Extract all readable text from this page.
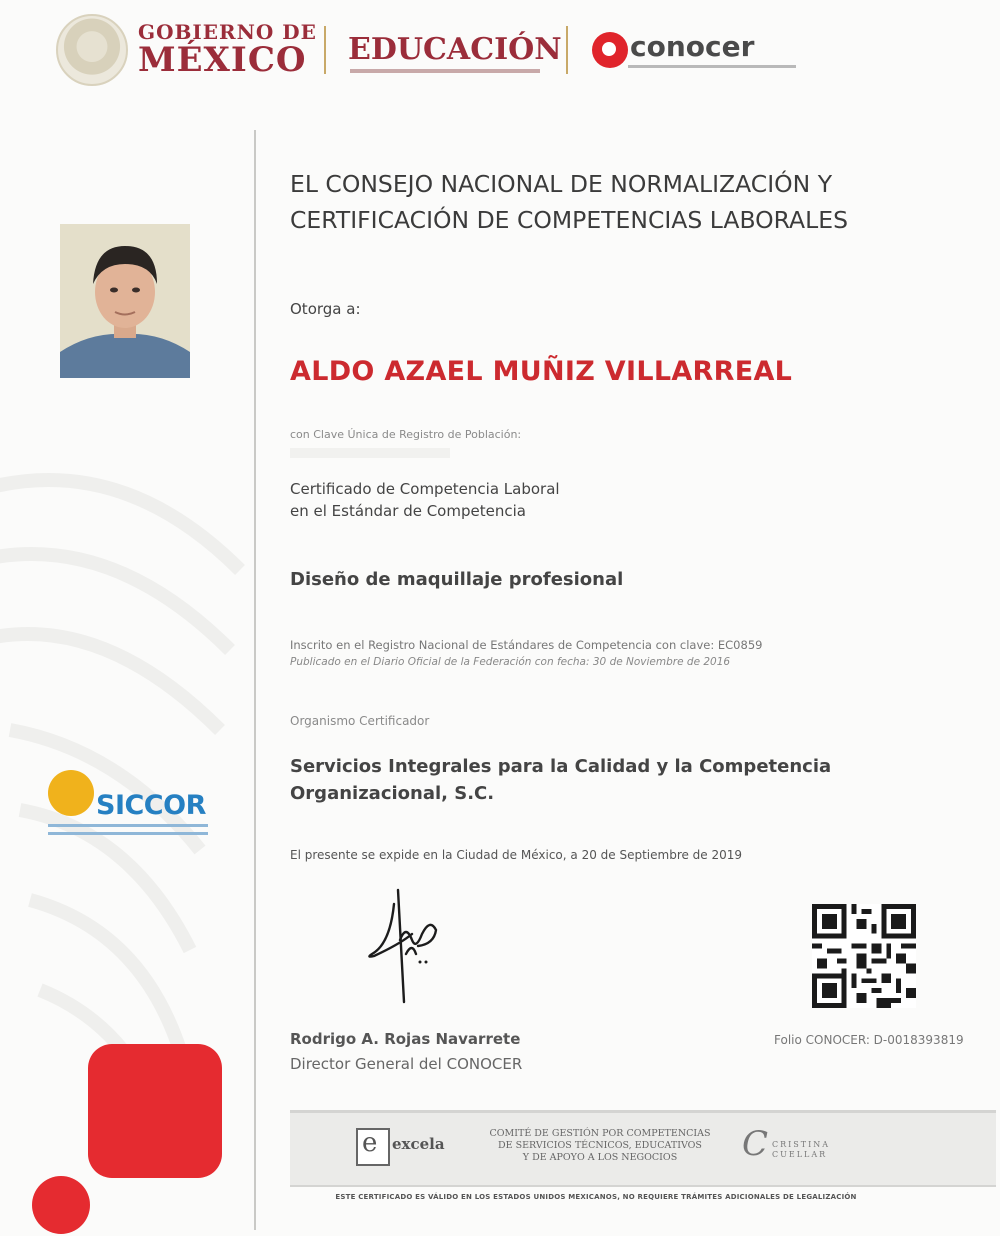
GOBIERNO DE
MÉXICO EDUCACIÓN conocer
SICCOR
EL CONSEJO NACIONAL DE NORMALIZACIÓN Y CERTIFICACIÓN DE COMPETENCIAS LABORALES
Otorga a:
ALDO AZAEL MUÑIZ VILLARREAL
con Clave Única de Registro de Población:
Certificado de Competencia Laboral
en el Estándar de Competencia
Diseño de maquillaje profesional
Inscrito en el Registro Nacional de Estándares de Competencia con clave: EC0859
Publicado en el Diario Oficial de la Federación con fecha: 30 de Noviembre de 2016
Organismo Certificador
Servicios Integrales para la Calidad y la Competencia
Organizacional, S.C.
El presente se expide en la Ciudad de México, a 20 de Septiembre de 2019
Rodrigo A. Rojas Navarrete
Director General del CONOCER
Folio CONOCER: D-0018393819
e excela
COMITÉ DE GESTIÓN POR COMPETENCIAS
DE SERVICIOS TÉCNICOS, EDUCATIVOS
Y DE APOYO A LOS NEGOCIOS	C CRISTINA
CUELLAR
ESTE CERTIFICADO ES VÁLIDO EN LOS ESTADOS UNIDOS MEXICANOS, NO REQUIERE TRÁMITES ADICIONALES DE LEGALIZACIÓN
